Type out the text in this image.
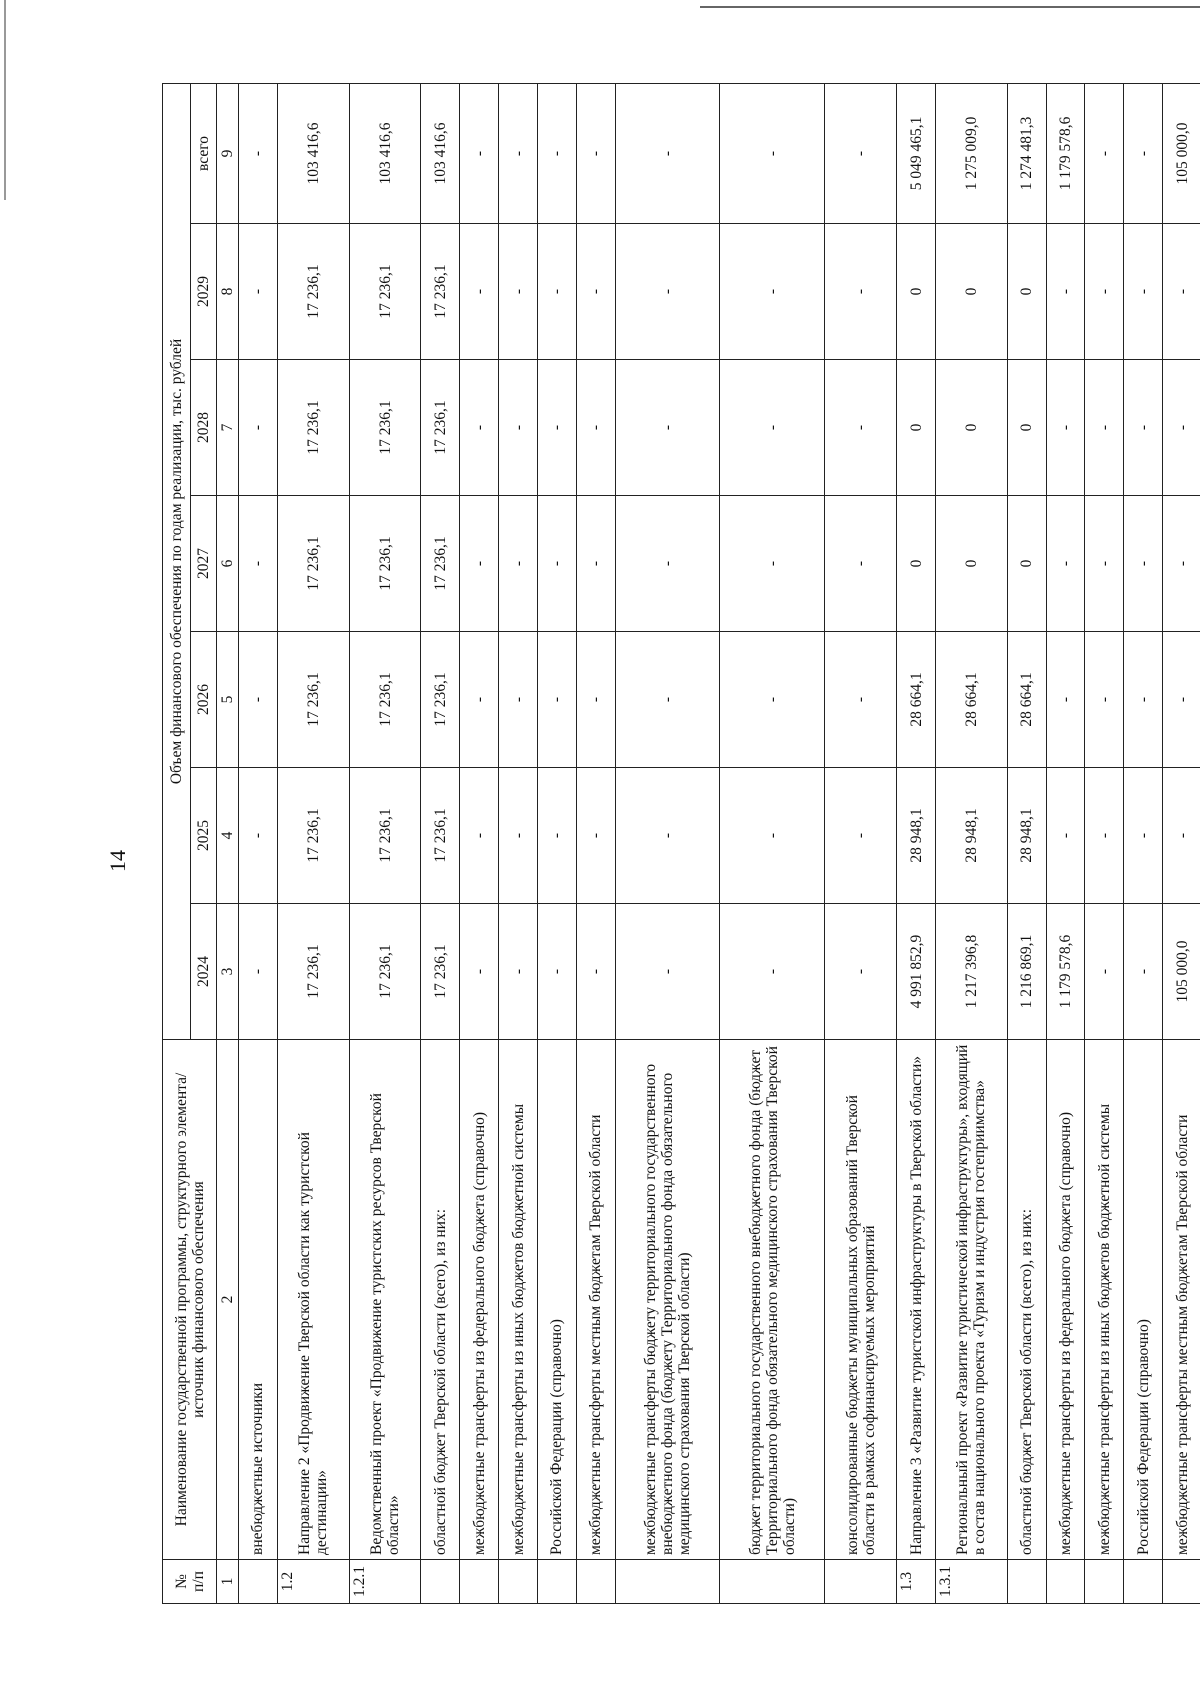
14
№
п/п	Наименование государственной программы, структурного элемента/источник финансового обеспечения	Объем финансового обеспечения по годам реализации, тыс. рублей						
		2024	2025	2026	2027	2028	2029	всего
1	2	3	4	5	6	7	8	9
	внебюджетные источники	-	-	-	-	-	-	-
1.2	Направление 2 «Продвижение Тверской области как туристской дестинации»	17 236,1	17 236,1	17 236,1	17 236,1	17 236,1	17 236,1	103 416,6
1.2.1	Ведомственный проект «Продвижение туристских ресурсов Тверской области»	17 236,1	17 236,1	17 236,1	17 236,1	17 236,1	17 236,1	103 416,6
	областной бюджет Тверской области (всего), из них:	17 236,1	17 236,1	17 236,1	17 236,1	17 236,1	17 236,1	103 416,6
	межбюджетные трансферты из федерального бюджета (справочно)	-	-	-	-	-	-	-
	межбюджетные трансферты из иных бюджетов бюджетной системы	-	-	-	-	-	-	-
	Российской Федерации (справочно)	-	-	-	-	-	-	-
	межбюджетные трансферты местным бюджетам Тверской области	-	-	-	-	-	-	-
	межбюджетные трансферты бюджету территориального государственного внебюджетного фонда (бюджету Территориального фонда обязательного медицинского страхования Тверской области)	-	-	-	-	-	-	-
	бюджет территориального государственного внебюджетного фонда (бюджет Территориального фонда обязательного медицинского страхования Тверской области)	-	-	-	-	-	-	-
	консолидированные бюджеты муниципальных образований Тверской области в рамках софинансируемых мероприятий	-	-	-	-	-	-	-
1.3	Направление 3 «Развитие туристской инфраструктуры в Тверской области»	4 991 852,9	28 948,1	28 664,1	0	0	0	5 049 465,1
1.3.1	Региональный проект «Развитие туристической инфраструктуры», входящий в состав национального проекта «Туризм и индустрия гостеприимства»	1 217 396,8	28 948,1	28 664,1	0	0	0	1 275 009,0
	областной бюджет Тверской области (всего), из них:	1 216 869,1	28 948,1	28 664,1	0	0	0	1 274 481,3
	межбюджетные трансферты из федерального бюджета (справочно)	1 179 578,6	-	-	-	-	-	1 179 578,6
	межбюджетные трансферты из иных бюджетов бюджетной системы	-	-	-	-	-	-	-
	Российской Федерации (справочно)	-	-	-	-	-	-	-
	межбюджетные трансферты местным бюджетам Тверской области	105 000,0	-	-	-	-	-	105 000,0
